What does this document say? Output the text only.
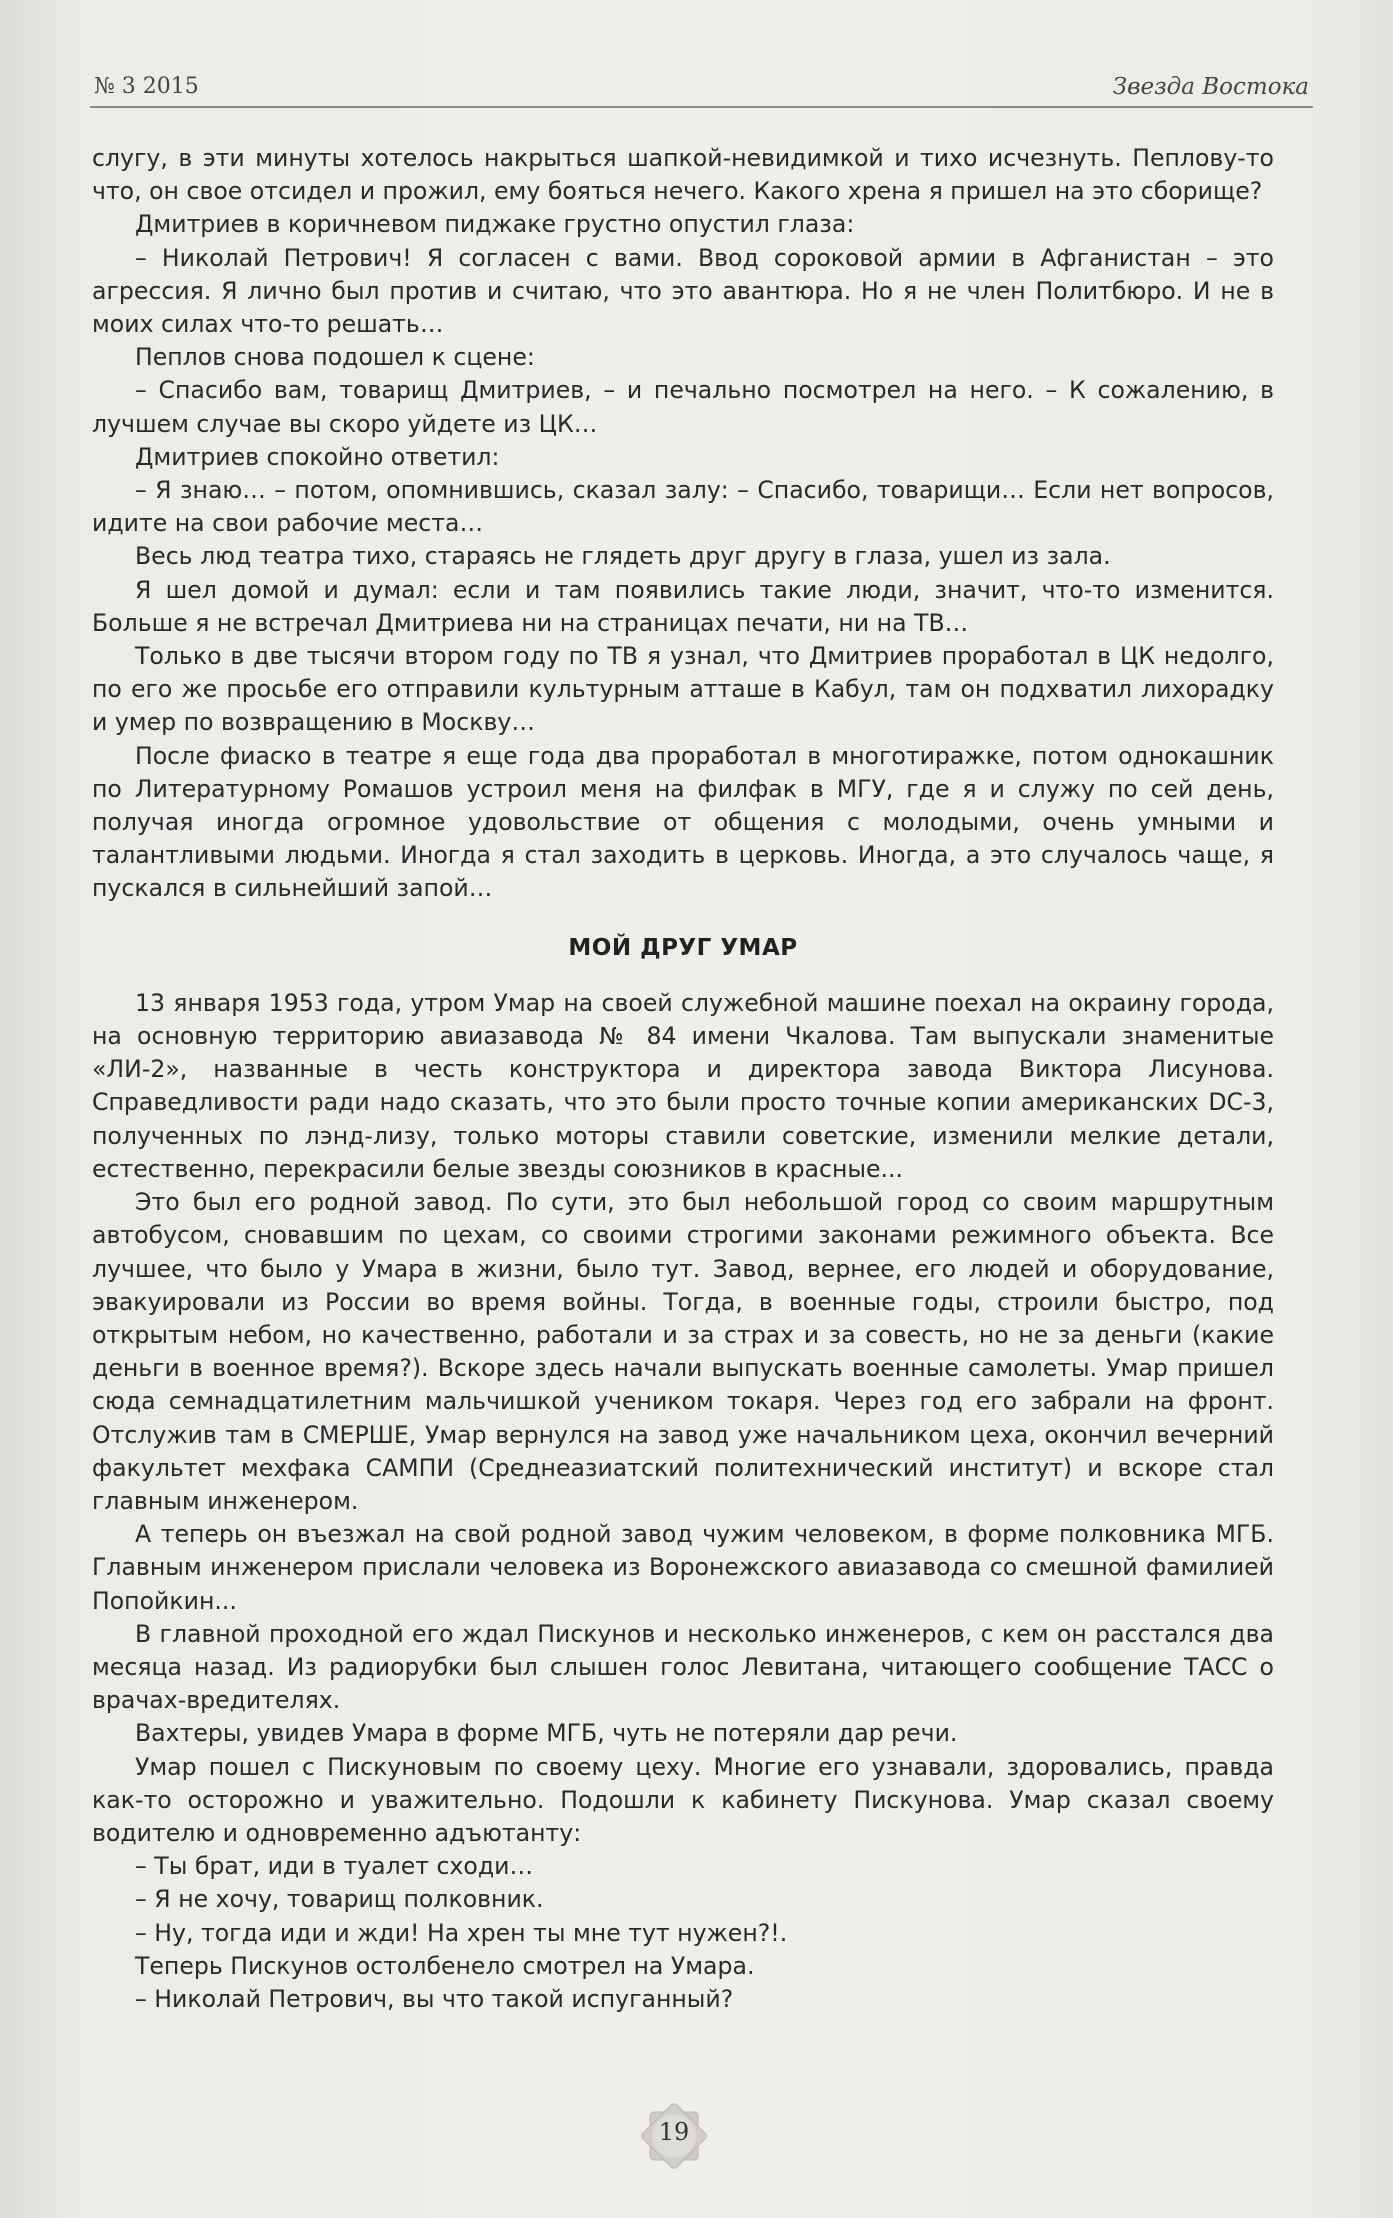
№ 3 2015	Звезда Востока

слугу, в эти минуты хотелось накрыться шапкой-невидимкой и тихо исчезнуть. Пеплову-то что, он свое отсидел и прожил, ему бояться нечего. Какого хрена я пришел на это сборище?

Дмитриев в коричневом пиджаке грустно опустил глаза:

– Николай Петрович! Я согласен с вами. Ввод сороковой армии в Афганистан – это агрессия. Я лично был против и считаю, что это авантюра. Но я не член Политбюро. И не в моих силах что-то решать…

Пеплов снова подошел к сцене:

– Спасибо вам, товарищ Дмитриев, – и печально посмотрел на него. – К сожалению, в лучшем случае вы скоро уйдете из ЦК…

Дмитриев спокойно ответил:

– Я знаю… – потом, опомнившись, сказал залу: – Спасибо, товарищи… Если нет вопросов, идите на свои рабочие места…

Весь люд театра тихо, стараясь не глядеть друг другу в глаза, ушел из зала.

Я шел домой и думал: если и там появились такие люди, значит, что-то изменится. Больше я не встречал Дмитриева ни на страницах печати, ни на ТВ…

Только в две тысячи втором году по ТВ я узнал, что Дмитриев проработал в ЦК недолго, по его же просьбе его отправили культурным атташе в Кабул, там он подхватил лихорадку и умер по возвращению в Москву…

После фиаско в театре я еще года два проработал в многотиражке, потом однокашник по Литературному Ромашов устроил меня на филфак в МГУ, где я и служу по сей день, получая иногда огромное удовольствие от общения с молодыми, очень умными и талантливыми людьми. Иногда я стал заходить в церковь. Иногда, а это случалось чаще, я пускался в сильнейший запой…

МОЙ ДРУГ УМАР

13 января 1953 года, утром Умар на своей служебной машине поехал на окраину города, на основную территорию авиазавода № 84 имени Чкалова. Там выпускали знаменитые «ЛИ-2», названные в честь конструктора и директора завода Виктора Лисунова. Справедливости ради надо сказать, что это были просто точные копии американских DC-3, полученных по лэнд-лизу, только моторы ставили советские, изменили мелкие детали, естественно, перекрасили белые звезды союзников в красные...

Это был его родной завод. По сути, это был небольшой город со своим маршрутным автобусом, сновавшим по цехам, со своими строгими законами режимного объекта. Все лучшее, что было у Умара в жизни, было тут. Завод, вернее, его людей и оборудование, эвакуировали из России во время войны. Тогда, в военные годы, строили быстро, под открытым небом, но качественно, работали и за страх и за совесть, но не за деньги (какие деньги в военное время?). Вскоре здесь начали выпускать военные самолеты. Умар пришел сюда семнадцатилетним мальчишкой учеником токаря. Через год его забрали на фронт. Отслужив там в СМЕРШЕ, Умар вернулся на завод уже начальником цеха, окончил вечерний факультет мехфака САМПИ (Среднеазиатский политехнический институт) и вскоре стал главным инженером.

А теперь он въезжал на свой родной завод чужим человеком, в форме полковника МГБ. Главным инженером прислали человека из Воронежского авиазавода со смешной фамилией Попойкин...

В главной проходной его ждал Пискунов и несколько инженеров, с кем он расстался два месяца назад. Из радиорубки был слышен голос Левитана, читающего сообщение ТАСС о врачах-вредителях.

Вахтеры, увидев Умара в форме МГБ, чуть не потеряли дар речи.

Умар пошел с Пискуновым по своему цеху. Многие его узнавали, здоровались, правда как-то осторожно и уважительно. Подошли к кабинету Пискунова. Умар сказал своему водителю и одновременно адъютанту:

– Ты брат, иди в туалет сходи…

– Я не хочу, товарищ полковник.

– Ну, тогда иди и жди! На хрен ты мне тут нужен?!.

Теперь Пискунов остолбенело смотрел на Умара.

– Николай Петрович, вы что такой испуганный?

19
